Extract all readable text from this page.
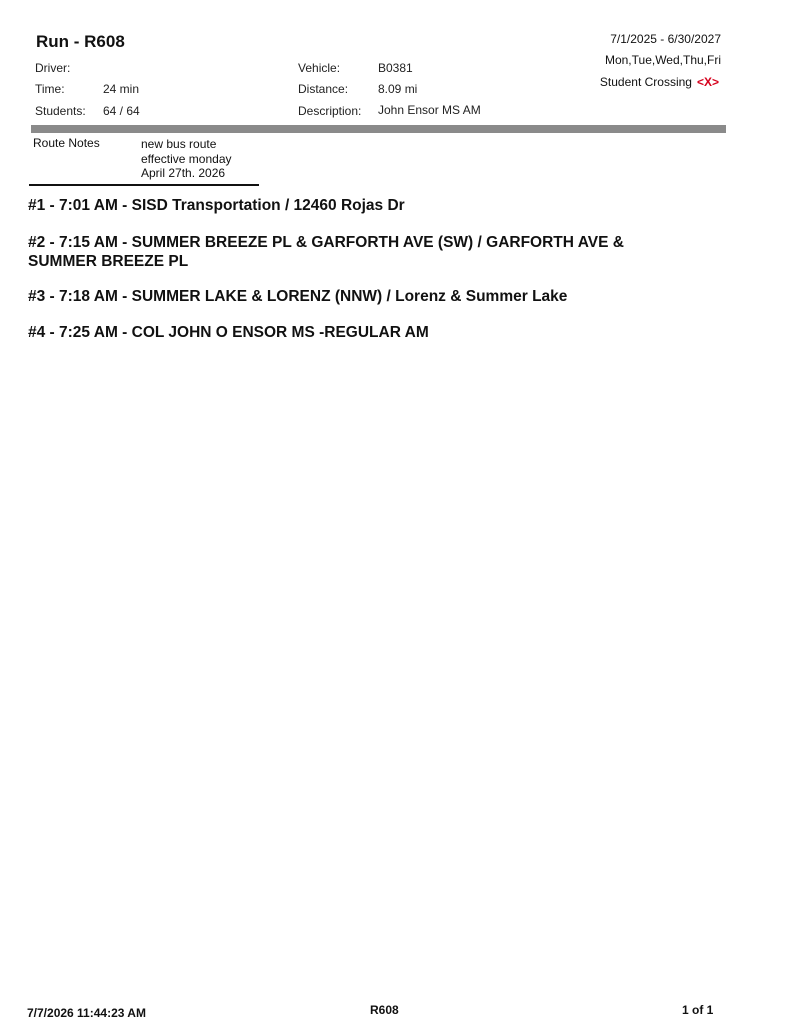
Run - R608
Driver:
Time:	24 min
Students: 64 / 64
Vehicle:	B0381
Distance: 8.09 mi
Description: John Ensor MS AM
7/1/2025 - 6/30/2027
Mon,Tue,Wed,Thu,Fri
Student Crossing <X>
Route Notes	new bus route
effective monday
April 27th. 2026
#1 - 7:01 AM - SISD Transportation / 12460 Rojas Dr
#2 - 7:15 AM - SUMMER BREEZE PL & GARFORTH AVE (SW) / GARFORTH AVE & SUMMER BREEZE PL
#3 - 7:18 AM - SUMMER LAKE & LORENZ (NNW) / Lorenz & Summer Lake
#4 - 7:25 AM - COL JOHN O ENSOR MS -REGULAR AM
7/7/2026 11:44:23 AM	R608	1 of 1
